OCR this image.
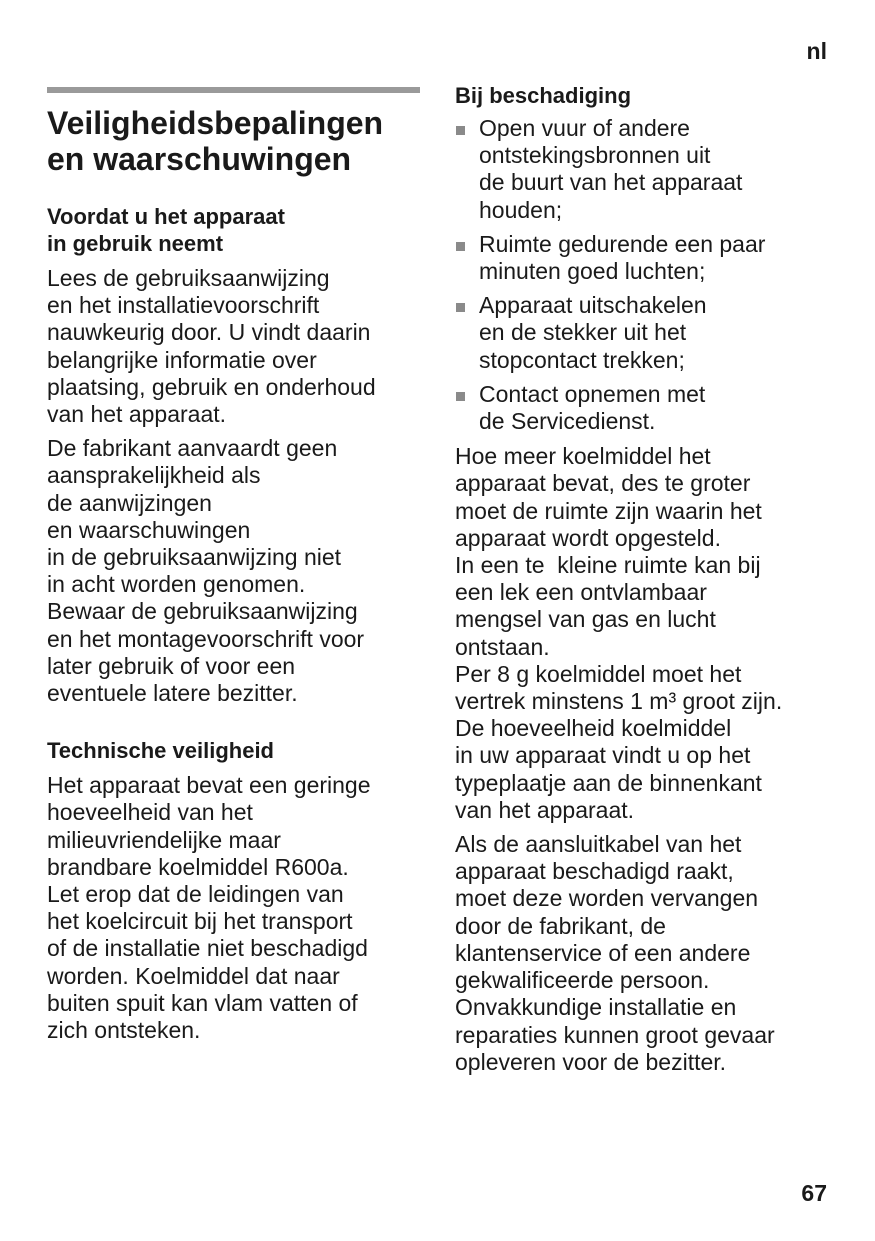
nl

Veiligheidsbepalingen
en waarschuwingen
Voordat u het apparaat
in gebruik neemt

Lees de gebruiksaanwijzing
en het installatievoorschrift
nauwkeurig door. U vindt daarin
belangrijke informatie over
plaatsing, gebruik en onderhoud
van het apparaat.

De fabrikant aanvaardt geen
aansprakelijkheid als
de aanwijzingen
en waarschuwingen
in de gebruiksaanwijzing niet
in acht worden genomen.
Bewaar de gebruiksaanwijzing
en het montagevoorschrift voor
later gebruik of voor een
eventuele latere bezitter.

Technische veiligheid

Het apparaat bevat een geringe
hoeveelheid van het
milieuvriendelijke maar
brandbare koelmiddel R600a.
Let erop dat de leidingen van
het koelcircuit bij het transport
of de installatie niet beschadigd
worden. Koelmiddel dat naar
buiten spuit kan vlam vatten of
zich ontsteken.

Bij beschadiging
Open vuur of andere
ontstekingsbronnen uit
de buurt van het apparaat
houden;
Ruimte gedurende een paar
minuten goed luchten;
Apparaat uitschakelen
en de stekker uit het
stopcontact trekken;
Contact opnemen met
de Servicedienst.

Hoe meer koelmiddel het
apparaat bevat, des te groter
moet de ruimte zijn waarin het
apparaat wordt opgesteld.
In een te  kleine ruimte kan bij
een lek een ontvlambaar
mengsel van gas en lucht
ontstaan.
Per 8 g koelmiddel moet het
vertrek minstens 1 m³ groot zijn.
De hoeveelheid koelmiddel
in uw apparaat vindt u op het
typeplaatje aan de binnenkant
van het apparaat.

Als de aansluitkabel van het
apparaat beschadigd raakt,
moet deze worden vervangen
door de fabrikant, de
klantenservice of een andere
gekwalificeerde persoon.
Onvakkundige installatie en
reparaties kunnen groot gevaar
opleveren voor de bezitter.

67
